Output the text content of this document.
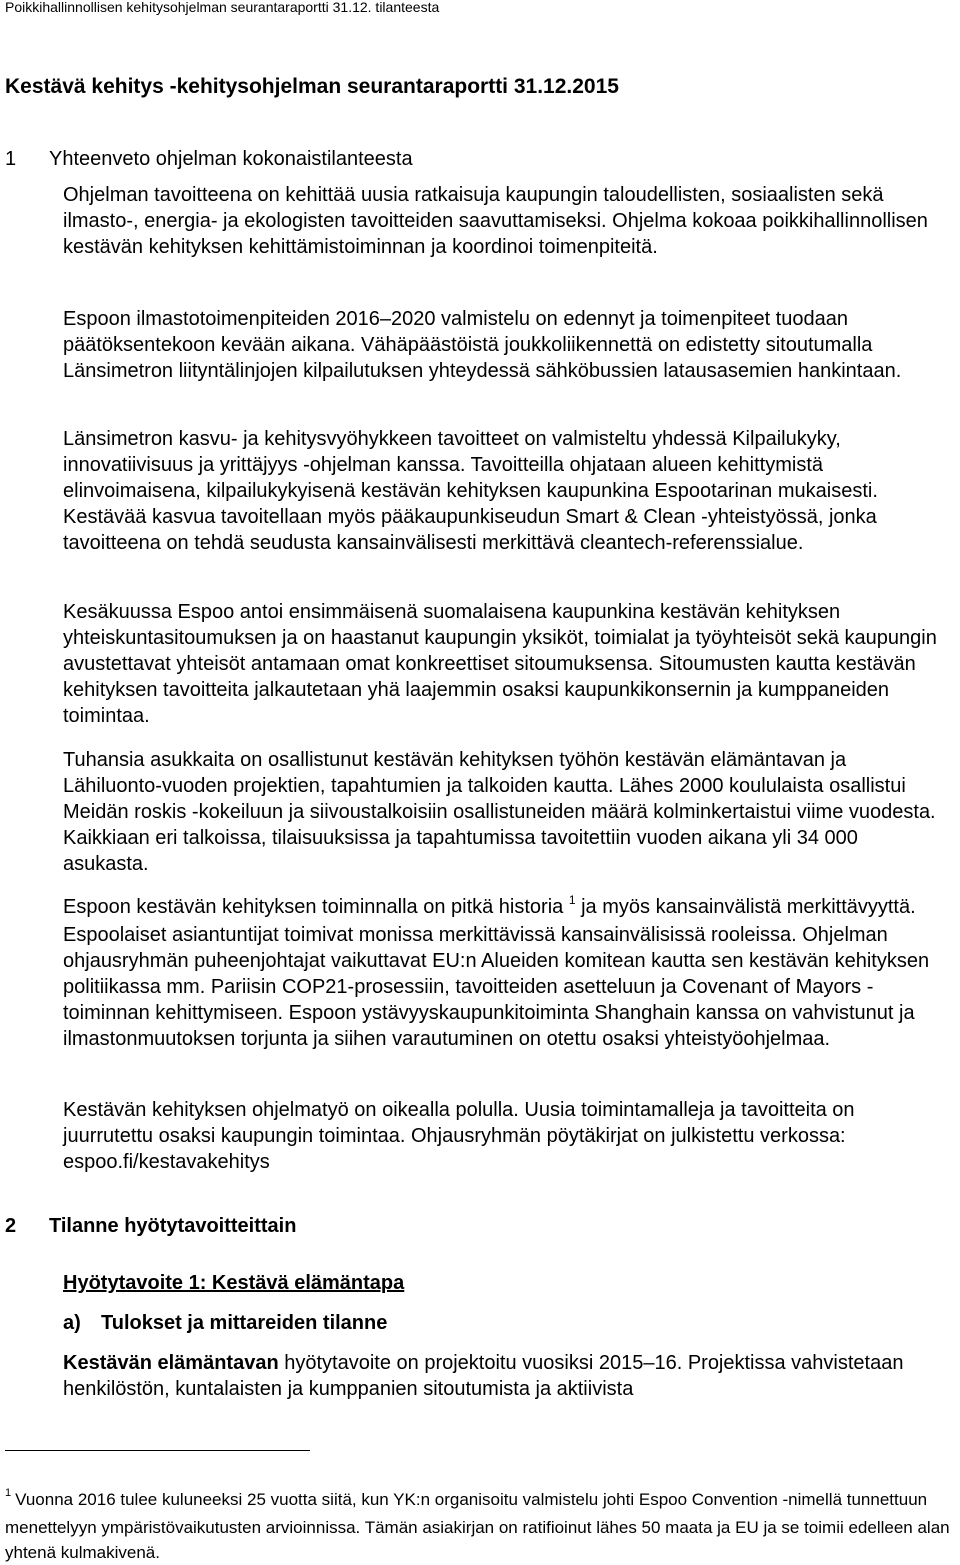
Poikkihallinnollisen kehitysohjelman seurantaraportti 31.12. tilanteesta
Kestävä kehitys -kehitysohjelman seurantaraportti 31.12.2015
1 Yhteenveto ohjelman kokonaistilanteesta

Ohjelman tavoitteena on kehittää uusia ratkaisuja kaupungin taloudellisten, sosiaalisten sekä ilmasto-, energia- ja ekologisten tavoitteiden saavuttamiseksi. Ohjelma kokoaa poikkihallinnollisen kestävän kehityksen kehittämistoiminnan ja koordinoi toimenpiteitä.

Espoon ilmastotoimenpiteiden 2016–2020 valmistelu on edennyt ja toimenpiteet tuodaan päätöksentekoon kevään aikana. Vähäpäästöistä joukkoliikennettä on edistetty sitoutumalla Länsimetron liityntälinjojen kilpailutuksen yhteydessä sähköbussien latausasemien hankintaan.

Länsimetron kasvu- ja kehitysvyöhykkeen tavoitteet on valmisteltu yhdessä Kilpailukyky, innovatiivisuus ja yrittäjyys -ohjelman kanssa. Tavoitteilla ohjataan alueen kehittymistä elinvoimaisena, kilpailukykyisenä kestävän kehityksen kaupunkina Espootarinan mukaisesti. Kestävää kasvua tavoitellaan myös pääkaupunkiseudun Smart & Clean -yhteistyössä, jonka tavoitteena on tehdä seudusta kansainvälisesti merkittävä cleantech-referenssialue.

Kesäkuussa Espoo antoi ensimmäisenä suomalaisena kaupunkina kestävän kehityksen yhteiskuntasitoumuksen ja on haastanut kaupungin yksiköt, toimialat ja työyhteisöt sekä kaupungin avustettavat yhteisöt antamaan omat konkreettiset sitoumuksensa. Sitoumusten kautta kestävän kehityksen tavoitteita jalkautetaan yhä laajemmin osaksi kaupunkikonsernin ja kumppaneiden toimintaa.

Tuhansia asukkaita on osallistunut kestävän kehityksen työhön kestävän elämäntavan ja Lähiluonto-vuoden projektien, tapahtumien ja talkoiden kautta. Lähes 2000 koululaista osallistui Meidän roskis -kokeiluun ja siivoustalkoisiin osallistuneiden määrä kolminkertaistui viime vuodesta. Kaikkiaan eri talkoissa, tilaisuuksissa ja tapahtumissa tavoitettiin vuoden aikana yli 34 000 asukasta.

Espoon kestävän kehityksen toiminnalla on pitkä historia $^1$ ja myös kansainvälistä merkittävyyttä. Espoolaiset asiantuntijat toimivat monissa merkittävissä kansainvälisissä rooleissa. Ohjelman ohjausryhmän puheenjohtajat vaikuttavat EU:n Alueiden komitean kautta sen kestävän kehityksen politiikassa mm. Pariisin COP21-prosessiin, tavoitteiden asetteluun ja Covenant of Mayors -toiminnan kehittymiseen. Espoon ystävyyskaupunkitoiminta Shanghain kanssa on vahvistunut ja ilmastonmuutoksen torjunta ja siihen varautuminen on otettu osaksi yhteistyöohjelmaa.

Kestävän kehityksen ohjelmatyö on oikealla polulla. Uusia toimintamalleja ja tavoitteita on juurrutettu osaksi kaupungin toimintaa. Ohjausryhmän pöytäkirjat on julkistettu verkossa: espoo.fi/kestavakehitys

2 Tilanne hyötytavoitteittain
Hyötytavoite 1: Kestävä elämäntapa
a) Tulokset ja mittareiden tilanne

Kestävän elämäntavan hyötytavoite on projektoitu vuosiksi 2015–16. Projektissa vahvistetaan henkilöstön, kuntalaisten ja kumppanien sitoutumista ja aktiivista

$^1$ Vuonna 2016 tulee kuluneeksi 25 vuotta siitä, kun YK:n organisoitu valmistelu johti Espoo Convention -nimellä tunnettuun menettelyyn ympäristövaikutusten arvioinnissa. Tämän asiakirjan on ratifioinut lähes 50 maata ja EU ja se toimii edelleen alan yhtenä kulmakivenä.
